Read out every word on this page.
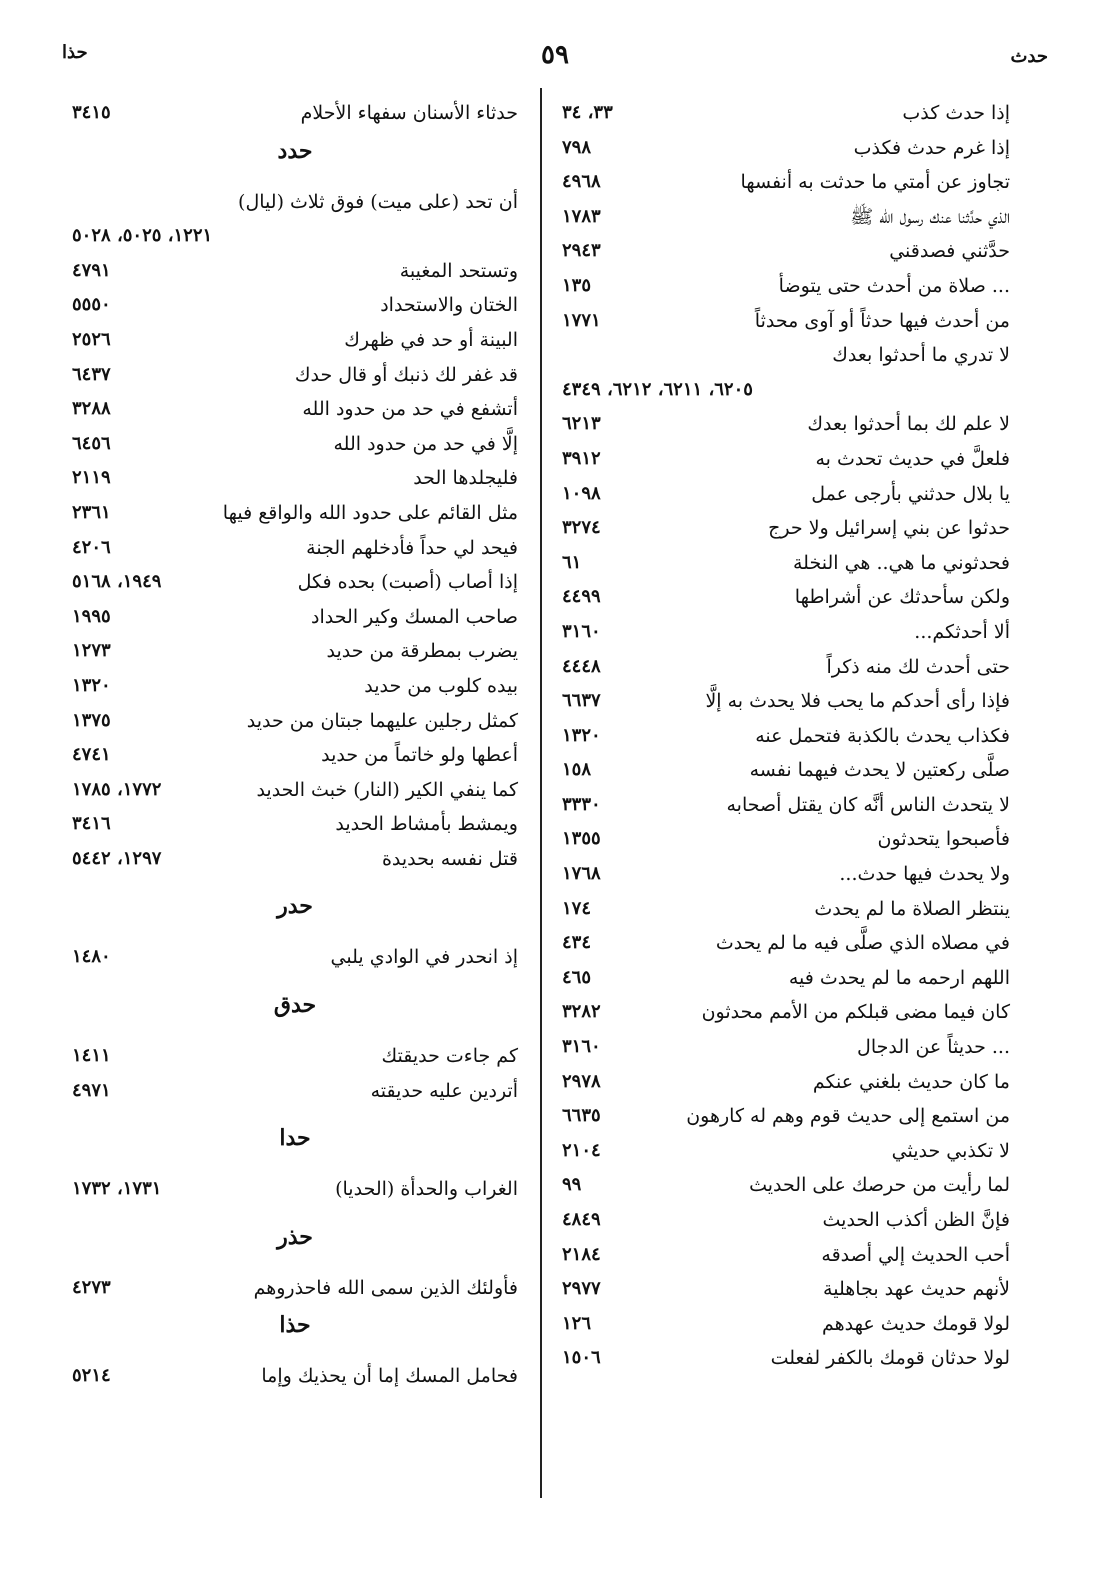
حدث
٥٩
حذا
إذا حدث كذب
٣٣، ٣٤
إذا غرم حدث فكذب
٧٩٨
تجاوز عن أمتي ما حدثت به أنفسها
٤٩٦٨
الذي حدَّثنا عنك رسول الله ﷺ
١٧٨٣
حدَّثني فصدقني
٢٩٤٣
... صلاة من أحدث حتى يتوضأ
١٣٥
من أحدث فيها حدثاً أو آوى محدثاً
١٧٧١
لا تدري ما أحدثوا بعدك
٦٢٠٥، ٦٢١١، ٦٢١٢، ٤٣٤٩
لا علم لك بما أحدثوا بعدك
٦٢١٣
فلعلَّ في حديث تحدث به
٣٩١٢
يا بلال حدثني بأرجى عمل
١٠٩٨
حدثوا عن بني إسرائيل ولا حرج
٣٢٧٤
فحدثوني ما هي.. هي النخلة
٦١
ولكن سأحدثك عن أشراطها
٤٤٩٩
ألا أحدثكم...
٣١٦٠
حتى أحدث لك منه ذكراً
٤٤٤٨
فإذا رأى أحدكم ما يحب فلا يحدث به إلَّا
٦٦٣٧
فكذاب يحدث بالكذبة فتحمل عنه
١٣٢٠
صلَّى ركعتين لا يحدث فيهما نفسه
١٥٨
لا يتحدث الناس أنَّه كان يقتل أصحابه
٣٣٣٠
فأصبحوا يتحدثون
١٣٥٥
ولا يحدث فيها حدث...
١٧٦٨
ينتظر الصلاة ما لم يحدث
١٧٤
في مصلاه الذي صلَّى فيه ما لم يحدث
٤٣٤
اللهم ارحمه ما لم يحدث فيه
٤٦٥
كان فيما مضى قبلكم من الأمم محدثون
٣٢٨٢
... حديثاً عن الدجال
٣١٦٠
ما كان حديث بلغني عنكم
٢٩٧٨
من استمع إلى حديث قوم وهم له كارهون
٦٦٣٥
لا تكذبي حديثي
٢١٠٤
لما رأيت من حرصك على الحديث
٩٩
فإنَّ الظن أكذب الحديث
٤٨٤٩
أحب الحديث إلي أصدقه
٢١٨٤
لأنهم حديث عهد بجاهلية
٢٩٧٧
لولا قومك حديث عهدهم
١٢٦
لولا حدثان قومك بالكفر لفعلت
١٥٠٦
حدثاء الأسنان سفهاء الأحلام
٣٤١٥
حدد
أن تحد (على ميت) فوق ثلاث (ليال)
١٢٢١، ٥٠٢٥، ٥٠٢٨
وتستحد المغيبة
٤٧٩١
الختان والاستحداد
٥٥٥٠
البينة أو حد في ظهرك
٢٥٢٦
قد غفر لك ذنبك أو قال حدك
٦٤٣٧
أتشفع في حد من حدود الله
٣٢٨٨
إلَّا في حد من حدود الله
٦٤٥٦
فليجلدها الحد
٢١١٩
مثل القائم على حدود الله والواقع فيها
٢٣٦١
فيحد لي حداً فأدخلهم الجنة
٤٢٠٦
إذا أصاب (أصبت) بحده فكل
١٩٤٩، ٥١٦٨
صاحب المسك وكير الحداد
١٩٩٥
يضرب بمطرقة من حديد
١٢٧٣
بيده كلوب من حديد
١٣٢٠
كمثل رجلين عليهما جبتان من حديد
١٣٧٥
أعطها ولو خاتماً من حديد
٤٧٤١
كما ينفي الكير (النار) خبث الحديد
١٧٧٢، ١٧٨٥
ويمشط بأمشاط الحديد
٣٤١٦
قتل نفسه بحديدة
١٢٩٧، ٥٤٤٢
حدر
إذ انحدر في الوادي يلبي
١٤٨٠
حدق
كم جاءت حديقتك
١٤١١
أتردين عليه حديقته
٤٩٧١
حدا
الغراب والحدأة (الحديا)
١٧٣١، ١٧٣٢
حذر
فأولئك الذين سمى الله فاحذروهم
٤٢٧٣
حذا
فحامل المسك إما أن يحذيك وإما
٥٢١٤
